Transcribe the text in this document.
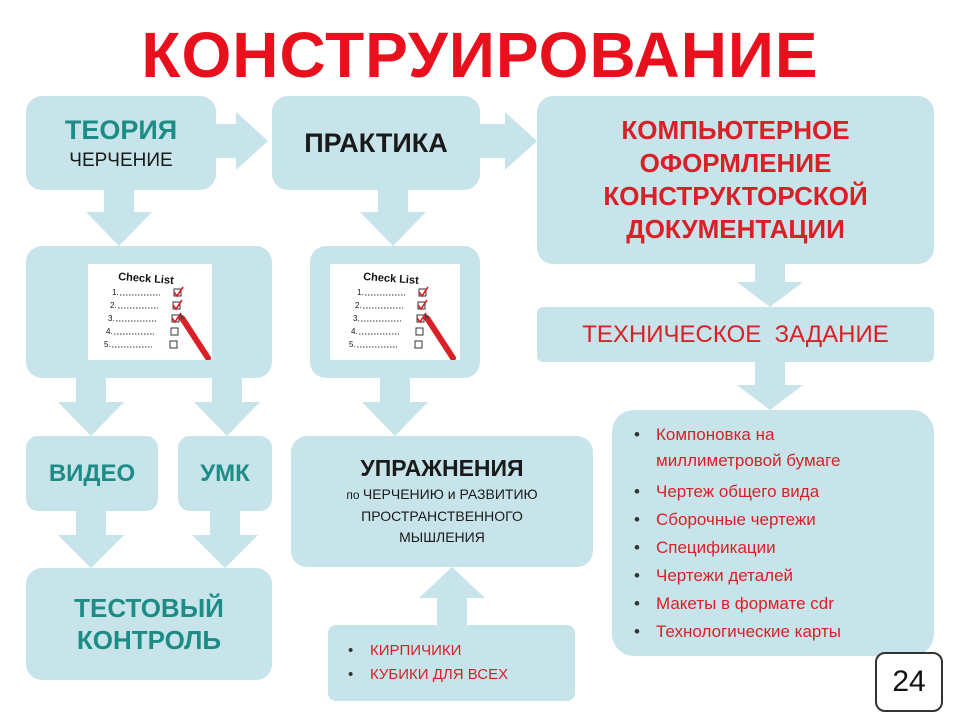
КОНСТРУИРОВАНИЕ
ТЕОРИЯ
ЧЕРЧЕНИЕ
ПРАКТИКА	КОМПЬЮТЕРНОЕ
ОФОРМЛЕНИЕ
КОНСТРУКТОРСКОЙ
ДОКУМЕНТАЦИИ
ТЕХНИЧЕСКОЕ  ЗАДАНИЕ
Check List
1.
2.
3.
4.
5.
Check List
1.
2.
3.
4.
5.
ВИДЕО	УМК
ТЕСТОВЫЙ
КОНТРОЛЬ
УПРАЖНЕНИЯ
по ЧЕРЧЕНИЮ и РАЗВИТИЮ
ПРОСТРАНСТВЕННОГО
МЫШЛЕНИЯ
• КИРПИЧИКИ
• КУБИКИ ДЛЯ ВСЕХ
• Компоновка на миллиметровой бумаге
• Чертеж общего вида
• Сборочные чертежи
• Спецификации
• Чертежи деталей
• Макеты в формате cdr
• Технологические карты
24
